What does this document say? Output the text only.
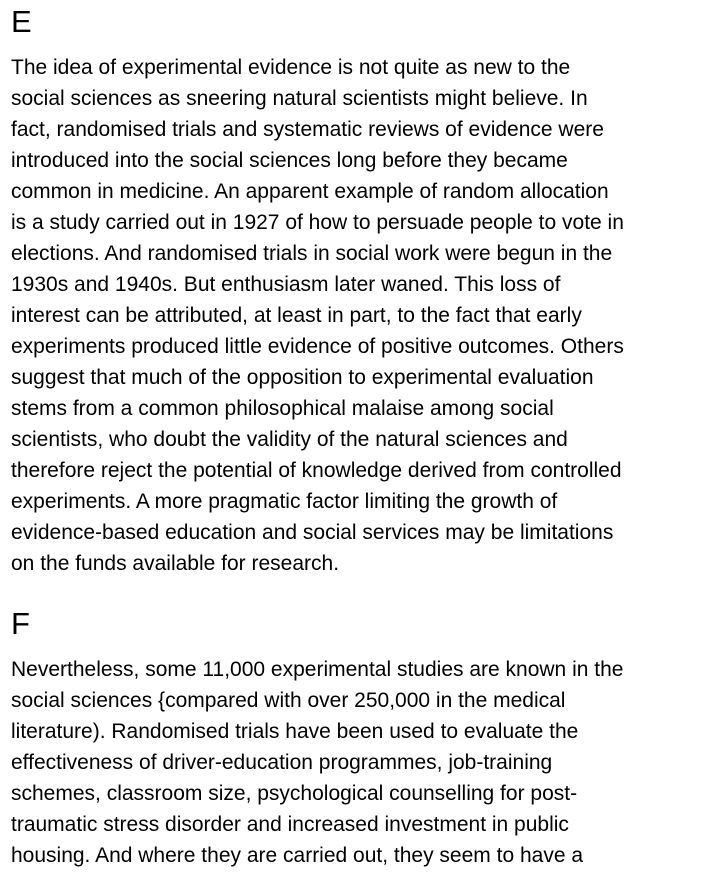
E
The idea of experimental evidence is not quite as new to the
social sciences as sneering natural scientists might believe. In
fact, randomised trials and systematic reviews of evidence were
introduced into the social sciences long before they became
common in medicine. An apparent example of random allocation
is a study carried out in 1927 of how to persuade people to vote in
elections. And randomised trials in social work were begun in the
1930s and 1940s. But enthusiasm later waned. This loss of
interest can be attributed, at least in part, to the fact that early
experiments produced little evidence of positive outcomes. Others
suggest that much of the opposition to experimental evaluation
stems from a common philosophical malaise among social
scientists, who doubt the validity of the natural sciences and
therefore reject the potential of knowledge derived from controlled
experiments. A more pragmatic factor limiting the growth of
evidence-based education and social services may be limitations
on the funds available for research.
F
Nevertheless, some 11,000 experimental studies are known in the
social sciences {compared with over 250,000 in the medical
literature). Randomised trials have been used to evaluate the
effectiveness of driver-education programmes, job-training
schemes, classroom size, psychological counselling for post-
traumatic stress disorder and increased investment in public
housing. And where they are carried out, they seem to have a
